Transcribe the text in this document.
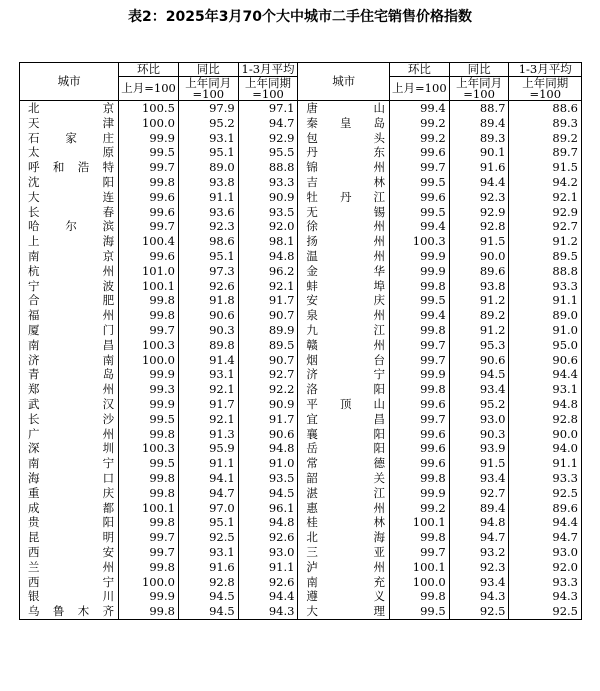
表2：2025年3月70个大中城市二手住宅销售价格指数
城市	环比	同比	1-3月平均	城市	环比	同比	1-3月平均
	上月=100	上年同月=100	上年同期=100		上月=100	上年同月=100	上年同期=100
北京	100.5	97.9	97.1	唐山	99.4	88.7	88.6
天津	100.0	95.2	94.7	秦皇岛	99.2	89.4	89.3
石家庄	99.9	93.1	92.9	包头	99.2	89.3	89.2
太原	99.5	95.1	95.5	丹东	99.6	90.1	89.7
呼和浩特	99.7	89.0	88.8	锦州	99.7	91.6	91.5
沈阳	99.8	93.8	93.3	吉林	99.5	94.4	94.2
大连	99.6	91.1	90.9	牡丹江	99.6	92.3	92.1
长春	99.6	93.6	93.5	无锡	99.5	92.9	92.9
哈尔滨	99.7	92.3	92.0	徐州	99.4	92.8	92.7
上海	100.4	98.6	98.1	扬州	100.3	91.5	91.2
南京	99.6	95.1	94.8	温州	99.9	90.0	89.5
杭州	101.0	97.3	96.2	金华	99.9	89.6	88.8
宁波	100.1	92.6	92.1	蚌埠	99.8	93.8	93.3
合肥	99.8	91.8	91.7	安庆	99.5	91.2	91.1
福州	99.8	90.6	90.7	泉州	99.4	89.2	89.0
厦门	99.7	90.3	89.9	九江	99.8	91.2	91.0
南昌	100.3	89.8	89.5	赣州	99.7	95.3	95.0
济南	100.0	91.4	90.7	烟台	99.7	90.6	90.6
青岛	99.9	93.1	92.7	济宁	99.9	94.5	94.4
郑州	99.3	92.1	92.2	洛阳	99.8	93.4	93.1
武汉	99.9	91.7	90.9	平顶山	99.6	95.2	94.8
长沙	99.5	92.1	91.7	宜昌	99.7	93.0	92.8
广州	99.8	91.3	90.6	襄阳	99.6	90.3	90.0
深圳	100.3	95.9	94.8	岳阳	99.6	93.9	94.0
南宁	99.5	91.1	91.0	常德	99.6	91.5	91.1
海口	99.8	94.1	93.5	韶关	99.8	93.4	93.3
重庆	99.8	94.7	94.5	湛江	99.9	92.7	92.5
成都	100.1	97.0	96.1	惠州	99.2	89.4	89.6
贵阳	99.8	95.1	94.8	桂林	100.1	94.8	94.4
昆明	99.7	92.5	92.6	北海	99.8	94.7	94.7
西安	99.7	93.1	93.0	三亚	99.7	93.2	93.0
兰州	99.8	91.6	91.1	泸州	100.1	92.3	92.0
西宁	100.0	92.8	92.6	南充	100.0	93.4	93.3
银川	99.9	94.5	94.4	遵义	99.8	94.3	94.3
乌鲁木齐	99.8	94.5	94.3	大理	99.5	92.5	92.5
